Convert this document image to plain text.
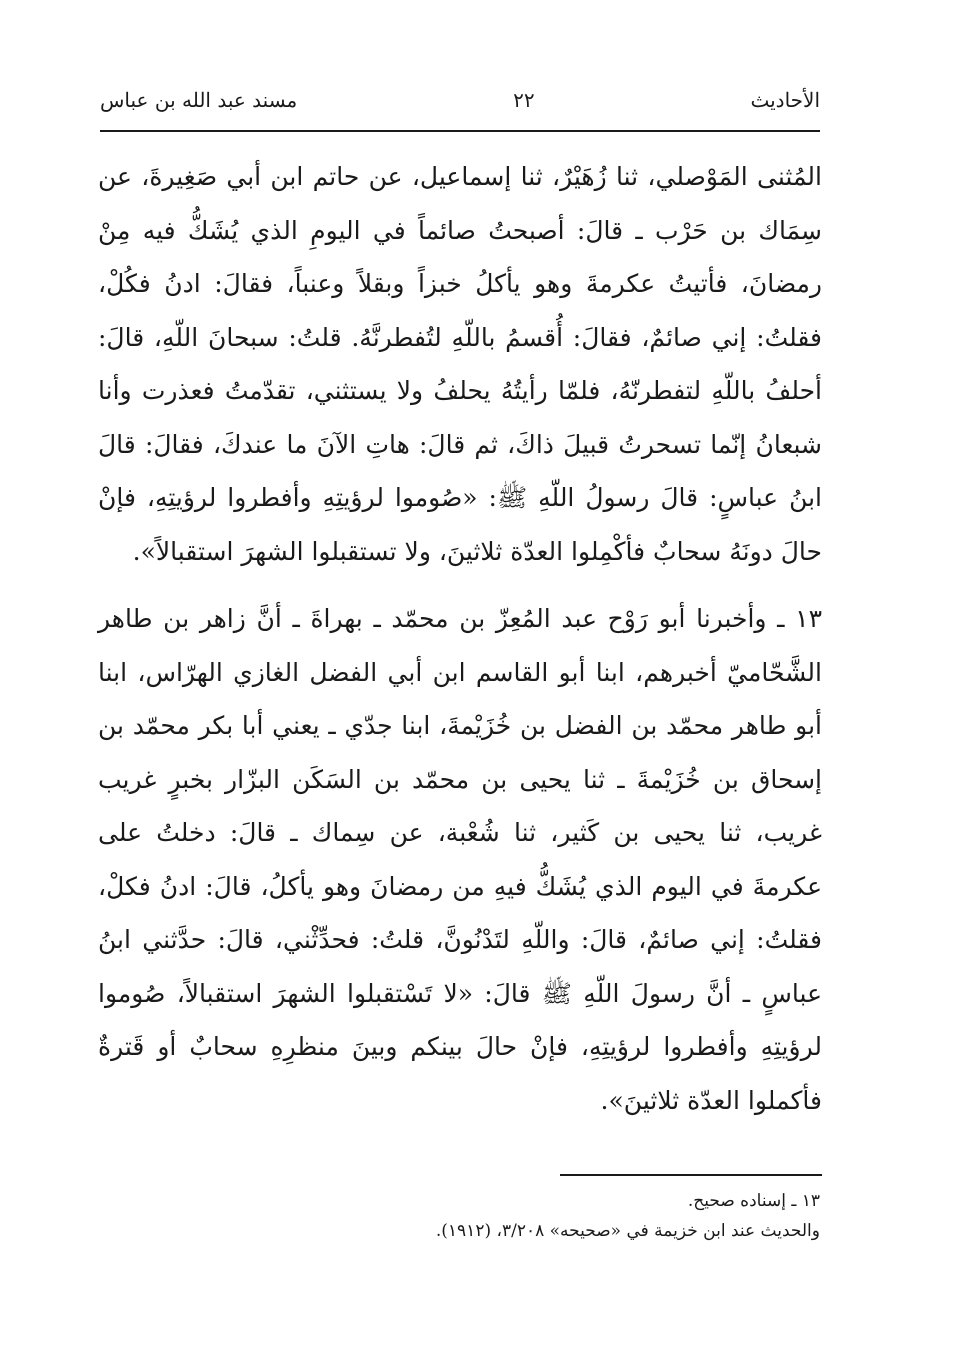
مسند عبد الله بن عباس	٢٢	الأحاديث

المُثنى المَوْصلي، ثنا زُهَيْرٌ، ثنا إسماعيل، عن حاتم ابن أبي صَغِيرةَ، عن سِمَاك بن حَرْب ـ قالَ: أصبحتُ صائماً في اليومِ الذي يُشَكُّ فيه مِنْ رمضانَ، فأتيتُ عكرمةَ وهو يأكلُ خبزاً وبقلاً وعنباً، فقالَ: ادنُ فكُلْ، فقلتُ: إني صائمٌ، فقالَ: أُقسمُ باللّهِ لتُفطرنَّهُ. قلتُ: سبحانَ اللّهِ، قالَ: أحلفُ باللّهِ لتفطرنّهُ، فلمّا رأيتُهُ يحلفُ ولا يستثني، تقدّمتُ فعذرت وأنا شبعانُ إنّما تسحرتُ قبيلَ ذاكَ، ثم قالَ: هاتِ الآنَ ما عندكَ، فقالَ: قالَ ابنُ عباسٍ: قالَ رسولُ اللّهِ ﷺ: «صُوموا لرؤيتِهِ وأفطروا لرؤيتِهِ، فإنْ حالَ دونَهُ سحابٌ فأكْمِلوا العدّة ثلاثينَ، ولا تستقبلوا الشهرَ استقبالاً».

١٣ ـ وأخبرنا أبو رَوْح عبد المُعِزّ بن محمّد ـ بهراةَ ـ أنَّ زاهر بن طاهر الشَّحّاميّ أخبرهم، ابنا أبو القاسم ابن أبي الفضل الغازي الهرّاس، ابنا أبو طاهر محمّد بن الفضل بن خُزَيْمةَ، ابنا جدّي ـ يعني أبا بكر محمّد بن إسحاق بن خُزَيْمةَ ـ ثنا يحيى بن محمّد بن السَكَن البزّار بخبرٍ غريب غريب، ثنا يحيى بن كَثير، ثنا شُعْبة، عن سِماك ـ قالَ: دخلتُ على عكرمةَ في اليوم الذي يُشَكُّ فيهِ من رمضانَ وهو يأكلُ، قالَ: ادنُ فكلْ، فقلتُ: إني صائمٌ، قالَ: واللّهِ لتَدْنُونَّ، قلتُ: فحدِّثْني، قالَ: حدَّثني ابنُ عباسٍ ـ أنَّ رسولَ اللّهِ ﷺ قالَ: «لا تَسْتقبلوا الشهرَ استقبالاً، صُوموا لرؤيتِهِ وأفطروا لرؤيتِهِ، فإنْ حالَ بينكم وبينَ منظرِهِ سحابٌ أو قَترةٌ فأكملوا العدّة ثلاثينَ».

١٣ ـ إسناده صحيح.

والحديث عند ابن خزيمة في «صحيحه» ٣/٢٠٨، (١٩١٢).
